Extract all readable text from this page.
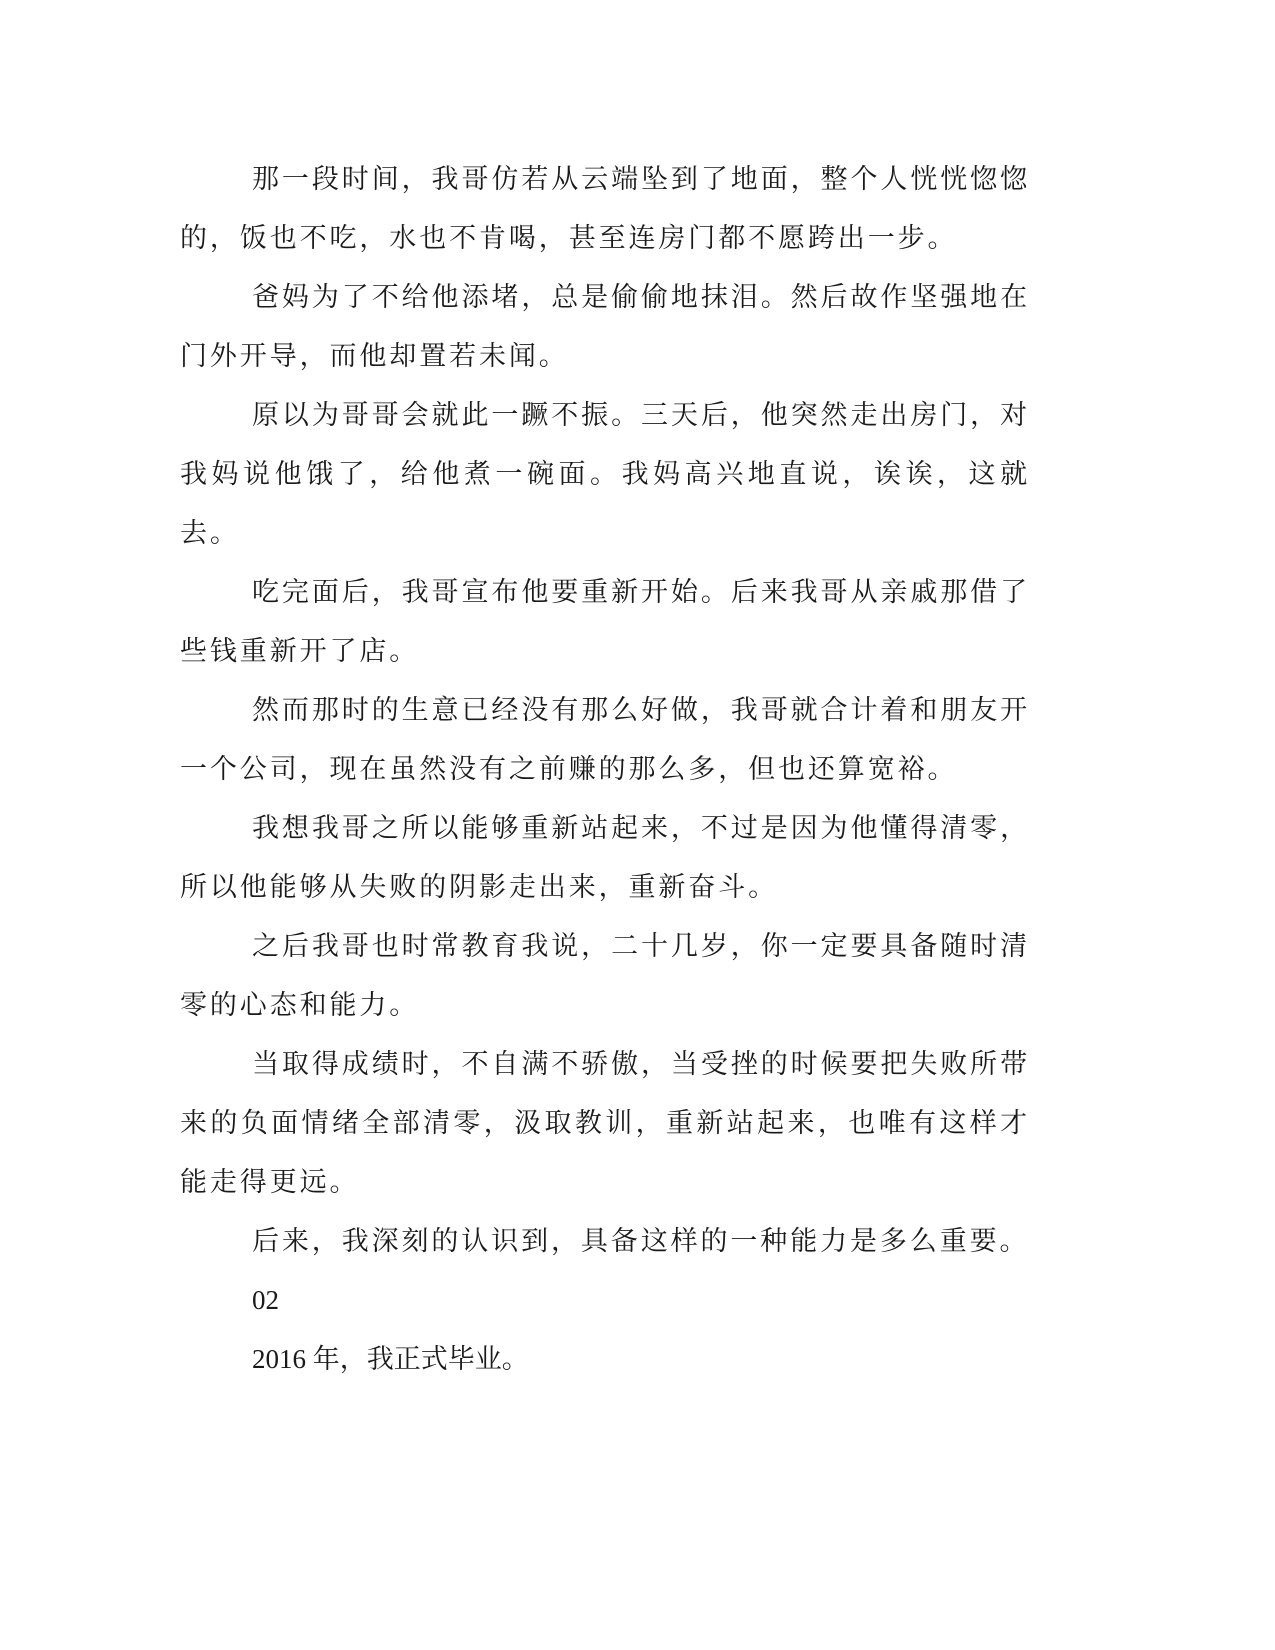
那一段时间，我哥仿若从云端坠到了地面，整个人恍恍惚惚的，饭也不吃，水也不肯喝，甚至连房门都不愿跨出一步。

爸妈为了不给他添堵，总是偷偷地抹泪。然后故作坚强地在门外开导，而他却置若未闻。

原以为哥哥会就此一蹶不振。三天后，他突然走出房门，对我妈说他饿了，给他煮一碗面。我妈高兴地直说，诶诶，这就去。

吃完面后，我哥宣布他要重新开始。后来我哥从亲戚那借了些钱重新开了店。

然而那时的生意已经没有那么好做，我哥就合计着和朋友开一个公司，现在虽然没有之前赚的那么多，但也还算宽裕。

我想我哥之所以能够重新站起来，不过是因为他懂得清零，所以他能够从失败的阴影走出来，重新奋斗。

之后我哥也时常教育我说，二十几岁，你一定要具备随时清零的心态和能力。

当取得成绩时，不自满不骄傲，当受挫的时候要把失败所带来的负面情绪全部清零，汲取教训，重新站起来，也唯有这样才能走得更远。

后来，我深刻的认识到，具备这样的一种能力是多么重要。

02

2016 年，我正式毕业。
